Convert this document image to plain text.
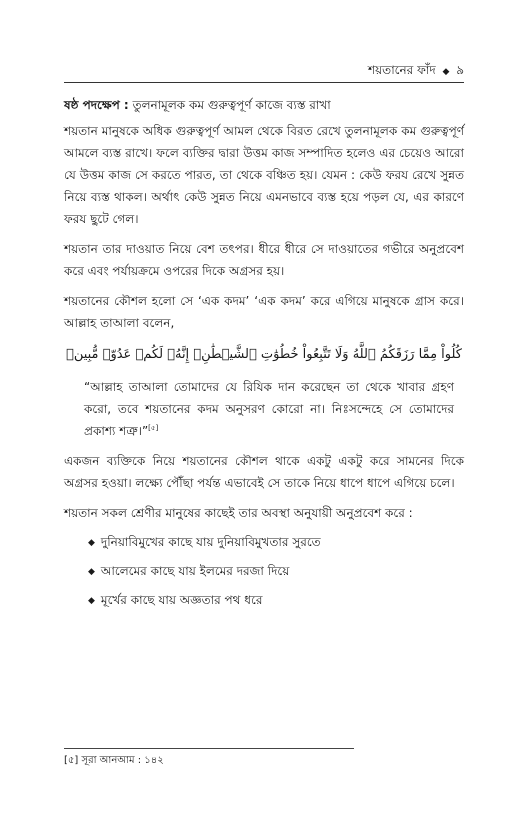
শয়তানের ফাঁদ ◆ ৯
ষষ্ঠ পদক্ষেপ : তুলনামূলক কম গুরুত্বপূর্ণ কাজে ব্যস্ত রাখা

শয়তান মানুষকে অধিক গুরুত্বপূর্ণ আমল থেকে বিরত রেখে তুলনামূলক কম গুরুত্বপূর্ণ আমলে ব্যস্ত রাখে। ফলে ব্যক্তির দ্বারা উত্তম কাজ সম্পাদিত হলেও এর চেয়েও আরো যে উত্তম কাজ সে করতে পারত, তা থেকে বঞ্চিত হয়। যেমন : কেউ ফরয রেখে সুন্নত নিয়ে ব্যস্ত থাকল। অর্থাৎ কেউ সুন্নত নিয়ে এমনভাবে ব্যস্ত হয়ে পড়ল যে, এর কারণে ফরয ছুটে গেল।

শয়তান তার দাওয়াত নিয়ে বেশ তৎপর। ধীরে ধীরে সে দাওয়াতের গভীরে অনুপ্রবেশ করে এবং পর্যায়ক্রমে ওপরের দিকে অগ্রসর হয়।

শয়তানের কৌশল হলো সে ‘এক কদম’ ‘এক কদম’ করে এগিয়ে মানুষকে গ্রাস করে। আল্লাহ তাআলা বলেন,

كُلُواْ مِمَّا رَزَقَكُمُ ٱللَّهُ وَلَا تَتَّبِعُواْ خُطُوَٰتِ ٱلشَّيۡطَٰنِۚ إِنَّهُۥ لَكُمۡ عَدُوّٞ مُّبِينٞ
“আল্লাহ তাআলা তোমাদের যে রিযিক দান করেছেন তা থেকে খাবার গ্রহণ করো, তবে শয়তানের কদম অনুসরণ কোরো না। নিঃসন্দেহে সে তোমাদের প্রকাশ্য শত্রু।”[৫]

একজন ব্যক্তিকে নিয়ে শয়তানের কৌশল থাকে একটু একটু করে সামনের দিকে অগ্রসর হওয়া। লক্ষ্যে পৌঁছা পর্যন্ত এভাবেই সে তাকে নিয়ে ধাপে ধাপে এগিয়ে চলে।

শয়তান সকল শ্রেণীর মানুষের কাছেই তার অবস্থা অনুযায়ী অনুপ্রবেশ করে :

◆ দুনিয়াবিমুখের কাছে যায় দুনিয়াবিমুখতার সুরতে
◆ আলেমের কাছে যায় ইলমের দরজা দিয়ে
◆ মূর্খের কাছে যায় অজ্ঞতার পথ ধরে
[৫] সূরা আনআম : ১৪২
